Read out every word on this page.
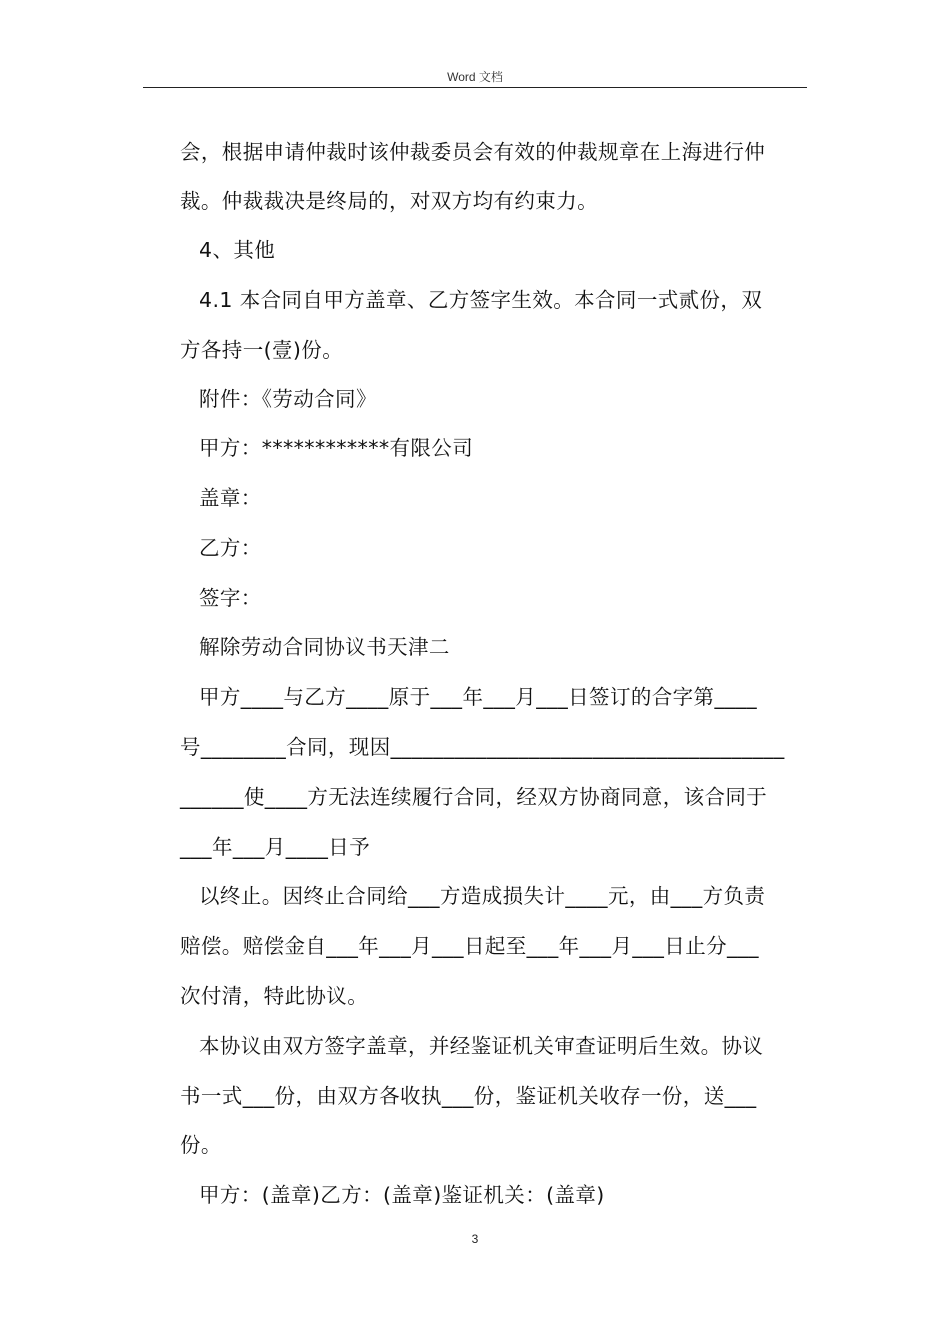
Word 文档
会，根据申请仲裁时该仲裁委员会有效的仲裁规章在上海进行仲
裁。仲裁裁决是终局的，对双方均有约束力。
4、其他
4.1 本合同自甲方盖章、乙方签字生效。本合同一式贰份，双
方各持一(壹)份。
附件：《劳动合同》
甲方：************有限公司
盖章：
乙方：
签字：
解除劳动合同协议书天津二
甲方____与乙方____原于___年___月___日签订的合字第____
号________合同，现因_____________________________________
______使____方无法连续履行合同，经双方协商同意，该合同于
___年___月____日予
以终止。因终止合同给___方造成损失计____元，由___方负责
赔偿。赔偿金自___年___月___日起至___年___月___日止分___
次付清，特此协议。
本协议由双方签字盖章，并经鉴证机关审查证明后生效。协议
书一式___份，由双方各收执___份，鉴证机关收存一份，送___
份。
甲方：(盖章)乙方：(盖章)鉴证机关：(盖章)
3
